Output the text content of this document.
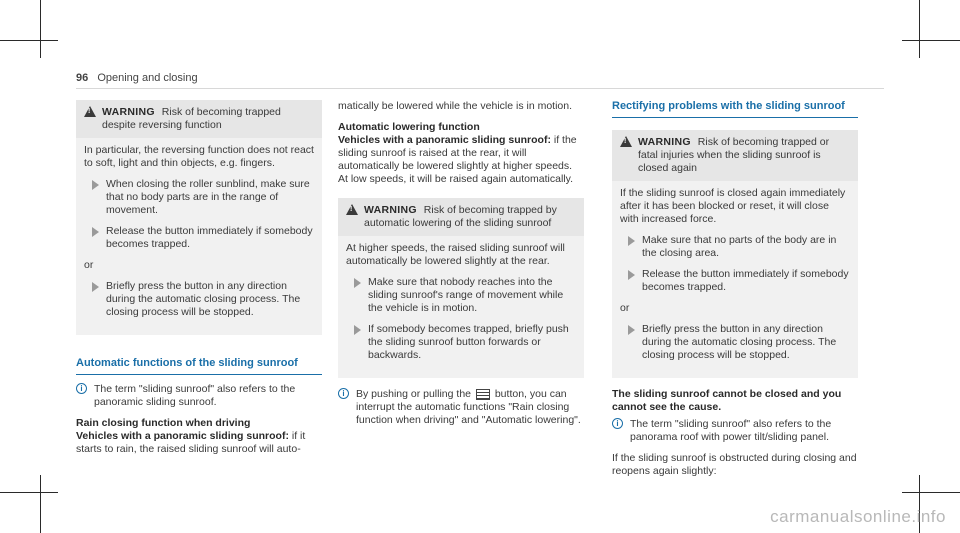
96 Opening and closing
!
WARNING Risk of becoming trapped despite reversing function

In particular, the reversing function does not react to soft, light and thin objects, e.g. fingers.

When closing the roller sunblind, make sure that no body parts are in the range of movement.
Release the button immediately if somebody becomes trapped.
or
Briefly press the button in any direction during the automatic closing process. The closing process will be stopped.
Automatic functions of the sliding sunroof
i	The term "sliding sunroof" also refers to the panoramic sliding sunroof.
Rain closing function when driving
Vehicles with a panoramic sliding sunroof: if it starts to rain, the raised sliding sunroof will auto-
matically be lowered while the vehicle is in motion.
Automatic lowering function
Vehicles with a panoramic sliding sunroof: if the sliding sunroof is raised at the rear, it will automatically be lowered slightly at higher speeds. At low speeds, it will be raised again automatically.
!
WARNING Risk of becoming trapped by automatic lowering of the sliding sunroof

At higher speeds, the raised sliding sunroof will automatically be lowered slightly at the rear.

Make sure that nobody reaches into the sliding sunroof's range of movement while the vehicle is in motion.
If somebody becomes trapped, briefly push the sliding sunroof button forwards or backwards.
i	By pushing or pulling the button, you can interrupt the automatic functions "Rain closing function when driving" and "Automatic lowering".
Rectifying problems with the sliding sunroof
!
WARNING Risk of becoming trapped or fatal injuries when the sliding sunroof is closed again

If the sliding sunroof is closed again immediately after it has been blocked or reset, it will close with increased force.

Make sure that no parts of the body are in the closing area.
Release the button immediately if somebody becomes trapped.
or
Briefly press the button in any direction during the automatic closing process. The closing process will be stopped.
The sliding sunroof cannot be closed and you cannot see the cause.
i	The term "sliding sunroof" also refers to the panorama roof with power tilt/sliding panel.
If the sliding sunroof is obstructed during closing and reopens again slightly:
carmanualsonline.info
